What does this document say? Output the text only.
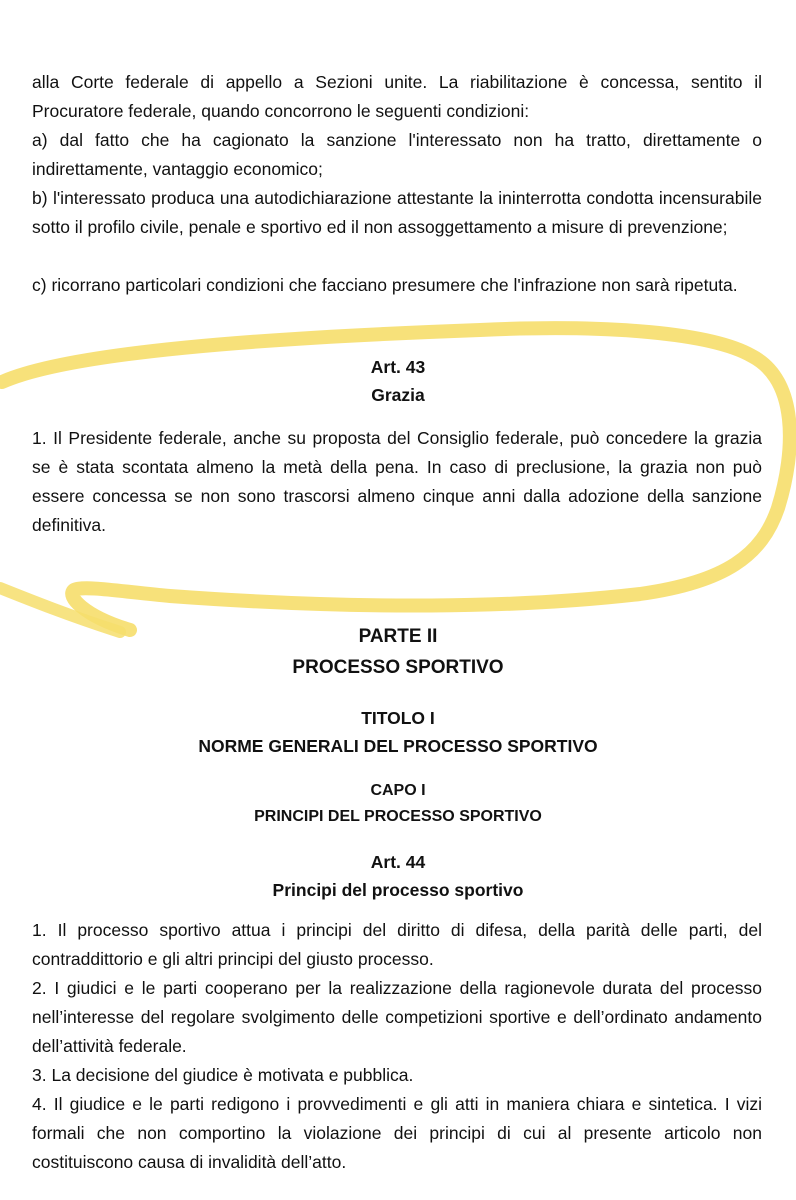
alla Corte federale di appello a Sezioni unite. La riabilitazione è concessa, sentito il Procuratore federale, quando concorrono le seguenti condizioni:

a) dal fatto che ha cagionato la sanzione l'interessato non ha tratto, direttamente o indirettamente, vantaggio economico;

b) l'interessato produca una autodichiarazione attestante la ininterrotta condotta incensurabile sotto il profilo civile, penale e sportivo ed il non assoggettamento a misure di prevenzione;

c) ricorrano particolari condizioni che facciano presumere che l'infrazione non sarà ripetuta.

Art. 43

Grazia

1. Il Presidente federale, anche su proposta del Consiglio federale, può concedere la grazia se è stata scontata almeno la metà della pena. In caso di preclusione, la grazia non può essere concessa se non sono trascorsi almeno cinque anni dalla adozione della sanzione definitiva.

PARTE II

PROCESSO SPORTIVO

TITOLO I

NORME GENERALI DEL PROCESSO SPORTIVO

CAPO I

PRINCIPI DEL PROCESSO SPORTIVO

Art. 44

Principi del processo sportivo

1. Il processo sportivo attua i principi del diritto di difesa, della parità delle parti, del contraddittorio e gli altri principi del giusto processo.

2. I giudici e le parti cooperano per la realizzazione della ragionevole durata del processo nell’interesse del regolare svolgimento delle competizioni sportive e dell’ordinato andamento dell’attività federale.

3. La decisione del giudice è motivata e pubblica.

4. Il giudice e le parti redigono i provvedimenti e gli atti in maniera chiara e sintetica. I vizi formali che non comportino la violazione dei principi di cui al presente articolo non costituiscono causa di invalidità dell’atto.
